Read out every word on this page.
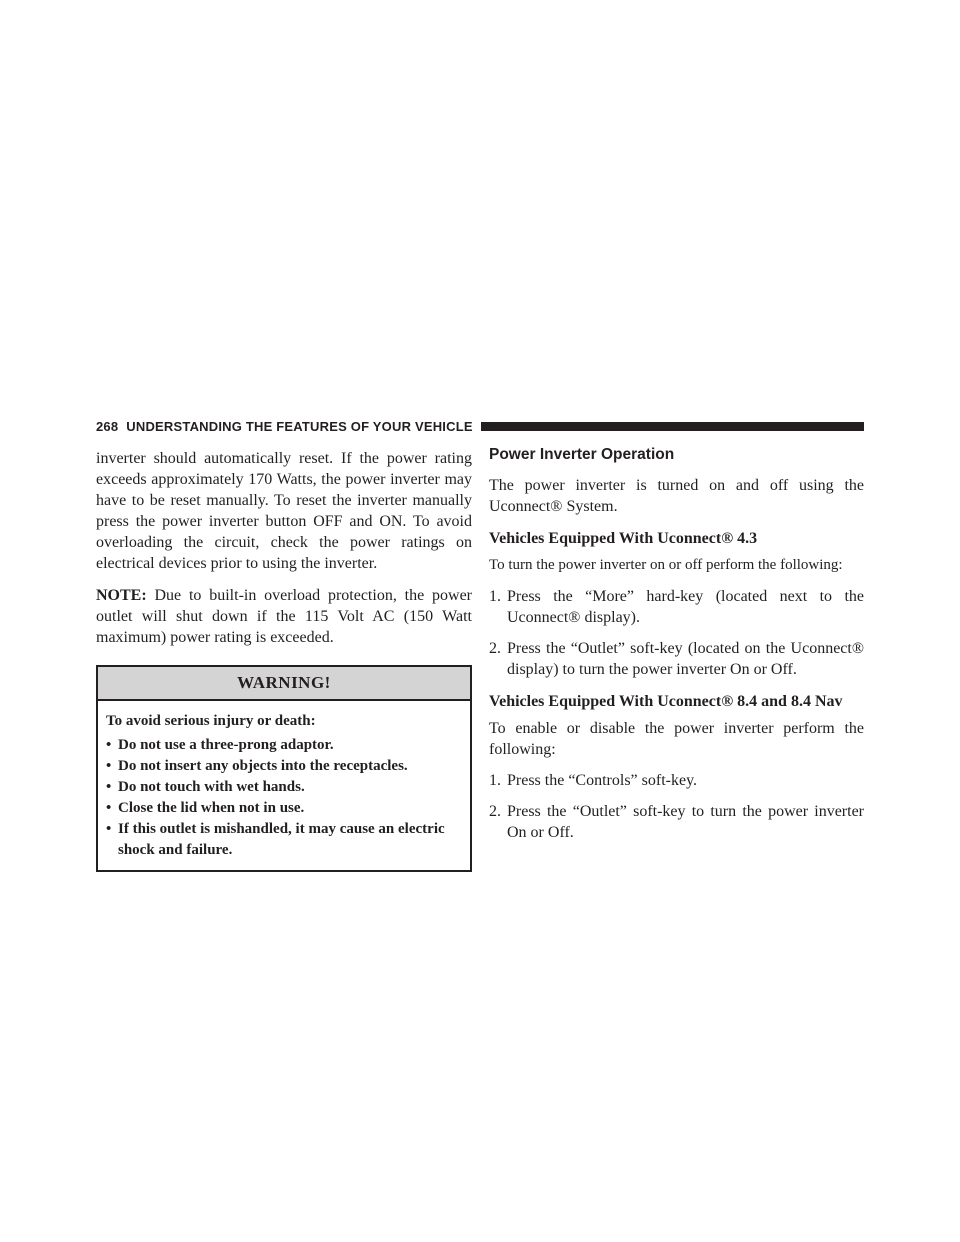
268 UNDERSTANDING THE FEATURES OF YOUR VEHICLE

inverter should automatically reset. If the power rating exceeds approximately 170 Watts, the power inverter may have to be reset manually. To reset the inverter manually press the power inverter button OFF and ON. To avoid overloading the circuit, check the power ratings on electrical devices prior to using the inverter.

NOTE: Due to built-in overload protection, the power outlet will shut down if the 115 Volt AC (150 Watt maximum) power rating is exceeded.

WARNING!
To avoid serious injury or death:
• Do not use a three-prong adaptor.
• Do not insert any objects into the receptacles.
• Do not touch with wet hands.
• Close the lid when not in use.
• If this outlet is mishandled, it may cause an electric shock and failure.
Power Inverter Operation

The power inverter is turned on and off using the Uconnect® System.

Vehicles Equipped With Uconnect® 4.3
To turn the power inverter on or off perform the following:
1. Press the “More” hard-key (located next to the Uconnect® display).
2. Press the “Outlet” soft-key (located on the Uconnect® display) to turn the power inverter On or Off.
Vehicles Equipped With Uconnect® 8.4 and 8.4 Nav

To enable or disable the power inverter perform the following:

1. Press the “Controls” soft-key.
2. Press the “Outlet” soft-key to turn the power inverter On or Off.
